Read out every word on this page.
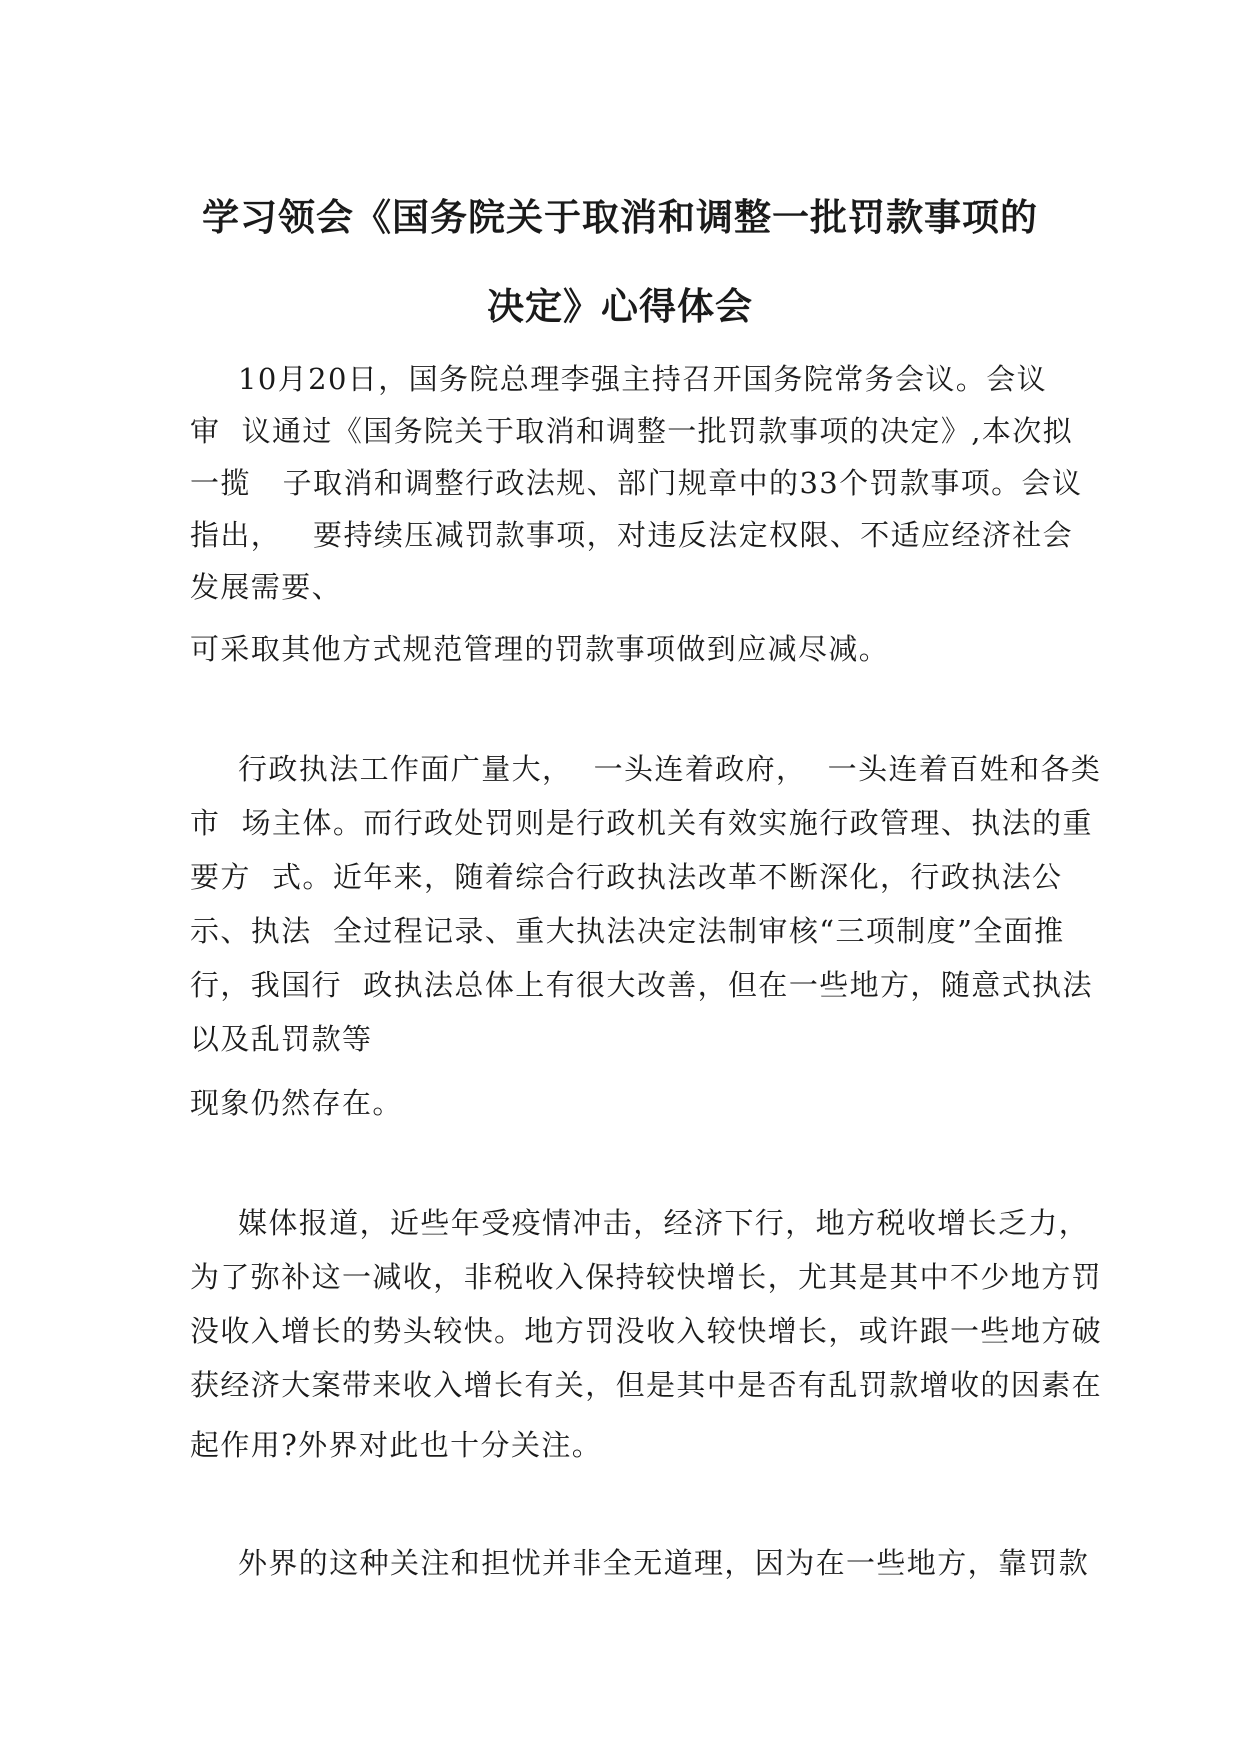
学习领会《国务院关于取消和调整一批罚款事项的
决定》心得体会
10月20日，国务院总理李强主持召开国务院常务会议。会议
审  议通过《国务院关于取消和调整一批罚款事项的决定》,本次拟
一揽   子取消和调整行政法规、部门规章中的33个罚款事项。会议
指出，   要持续压减罚款事项，对违反法定权限、不适应经济社会
发展需要、
可采取其他方式规范管理的罚款事项做到应减尽减。
行政执法工作面广量大，  一头连着政府，  一头连着百姓和各类
市  场主体。而行政处罚则是行政机关有效实施行政管理、执法的重
要方  式。近年来，随着综合行政执法改革不断深化，行政执法公
示、执法  全过程记录、重大执法决定法制审核“三项制度”全面推
行，我国行  政执法总体上有很大改善，但在一些地方，随意式执法
以及乱罚款等
现象仍然存在。
媒体报道，近些年受疫情冲击，经济下行，地方税收增长乏力，
为了弥补这一减收，非税收入保持较快增长，尤其是其中不少地方罚
没收入增长的势头较快。地方罚没收入较快增长，或许跟一些地方破
获经济大案带来收入增长有关，但是其中是否有乱罚款增收的因素在
起作用?外界对此也十分关注。
外界的这种关注和担忧并非全无道理，因为在一些地方，靠罚款
